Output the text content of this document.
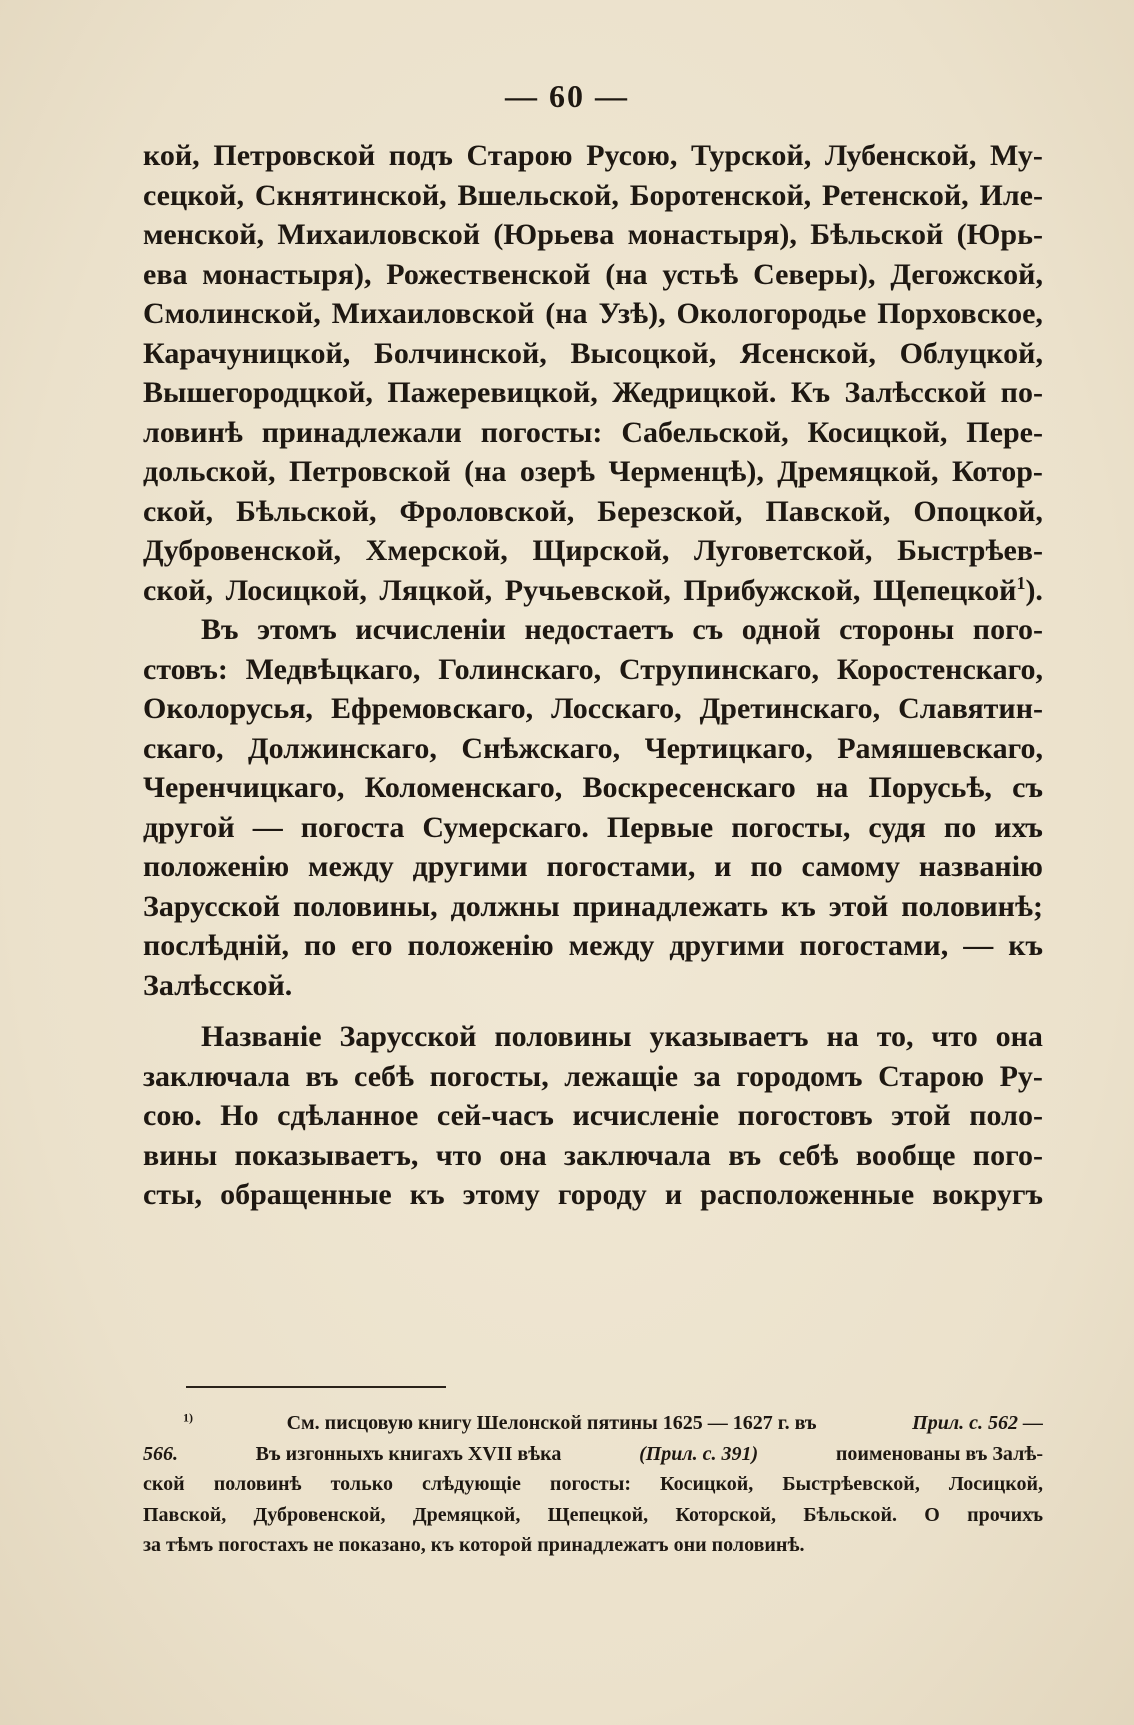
— 60 —
кой, Петровской подъ Старою Русою, Турской, Лубенской, Му-
сецкой, Скнятинской, Вшельской, Боротенской, Ретенской, Иле-
менской, Михаиловской (Юрьева монастыря), Бѣльской (Юрь-
ева монастыря), Рожественской (на устьѣ Северы), Дегожской,
Смолинской, Михаиловской (на Узѣ), Окологородье Порховское,
Карачуницкой, Болчинской, Высоцкой, Ясенской, Облуцкой,
Вышегородцкой, Пажеревицкой, Жедрицкой. Къ Залѣсской по-
ловинѣ принадлежали погосты: Сабельской, Косицкой, Пере-
дольской, Петровской (на озерѣ Черменцѣ), Дремяцкой, Котор-
ской, Бѣльской, Фроловской, Березской, Павской, Опоцкой,
Дубровенской, Хмерской, Щирской, Луговетской, Быстрѣев-
ской, Лосицкой, Ляцкой, Ручьевской, Прибужской, Щепецкой$^1$).
Въ этомъ исчисленіи недостаетъ съ одной стороны пого-
стовъ: Медвѣцкаго, Голинскаго, Струпинскаго, Коростенскаго,
Околорусья, Ефремовскаго, Лосскаго, Дретинскаго, Славятин-
скаго, Должинскаго, Снѣжскаго, Чертицкаго, Рамяшевскаго,
Черенчицкаго, Коломенскаго, Воскресенскаго на Порусьѣ, съ
другой — погоста Сумерскаго. Первые погосты, судя по ихъ
положенію между другими погостами, и по самому названію
Зарусской половины, должны принадлежать къ этой половинѣ;
послѣдній, по его положенію между другими погостами, — къ
Залѣсской.
Названіе Зарусской половины указываетъ на то, что она
заключала въ себѣ погосты, лежащіе за городомъ Старою Ру-
сою. Но сдѣланное сей-часъ исчисленіе погостовъ этой поло-
вины показываетъ, что она заключала въ себѣ вообще пого-
сты, обращенные къ этому городу и расположенные вокругъ
$^{1)}$	См. писцовую книгу Шелонской пятины 1625 — 1627 г. въ	Прил. с. 562 —
566.	Въ изгонныхъ книгахъ XVII вѣка	(Прил. с. 391)	поименованы въ Залѣ-
ской половинѣ только слѣдующіе погосты: Косицкой, Быстрѣевской, Лосицкой,
Павской, Дубровенской, Дремяцкой, Щепецкой, Которской, Бѣльской. О прочихъ
за тѣмъ погостахъ не показано, къ которой принадлежатъ они половинѣ.
